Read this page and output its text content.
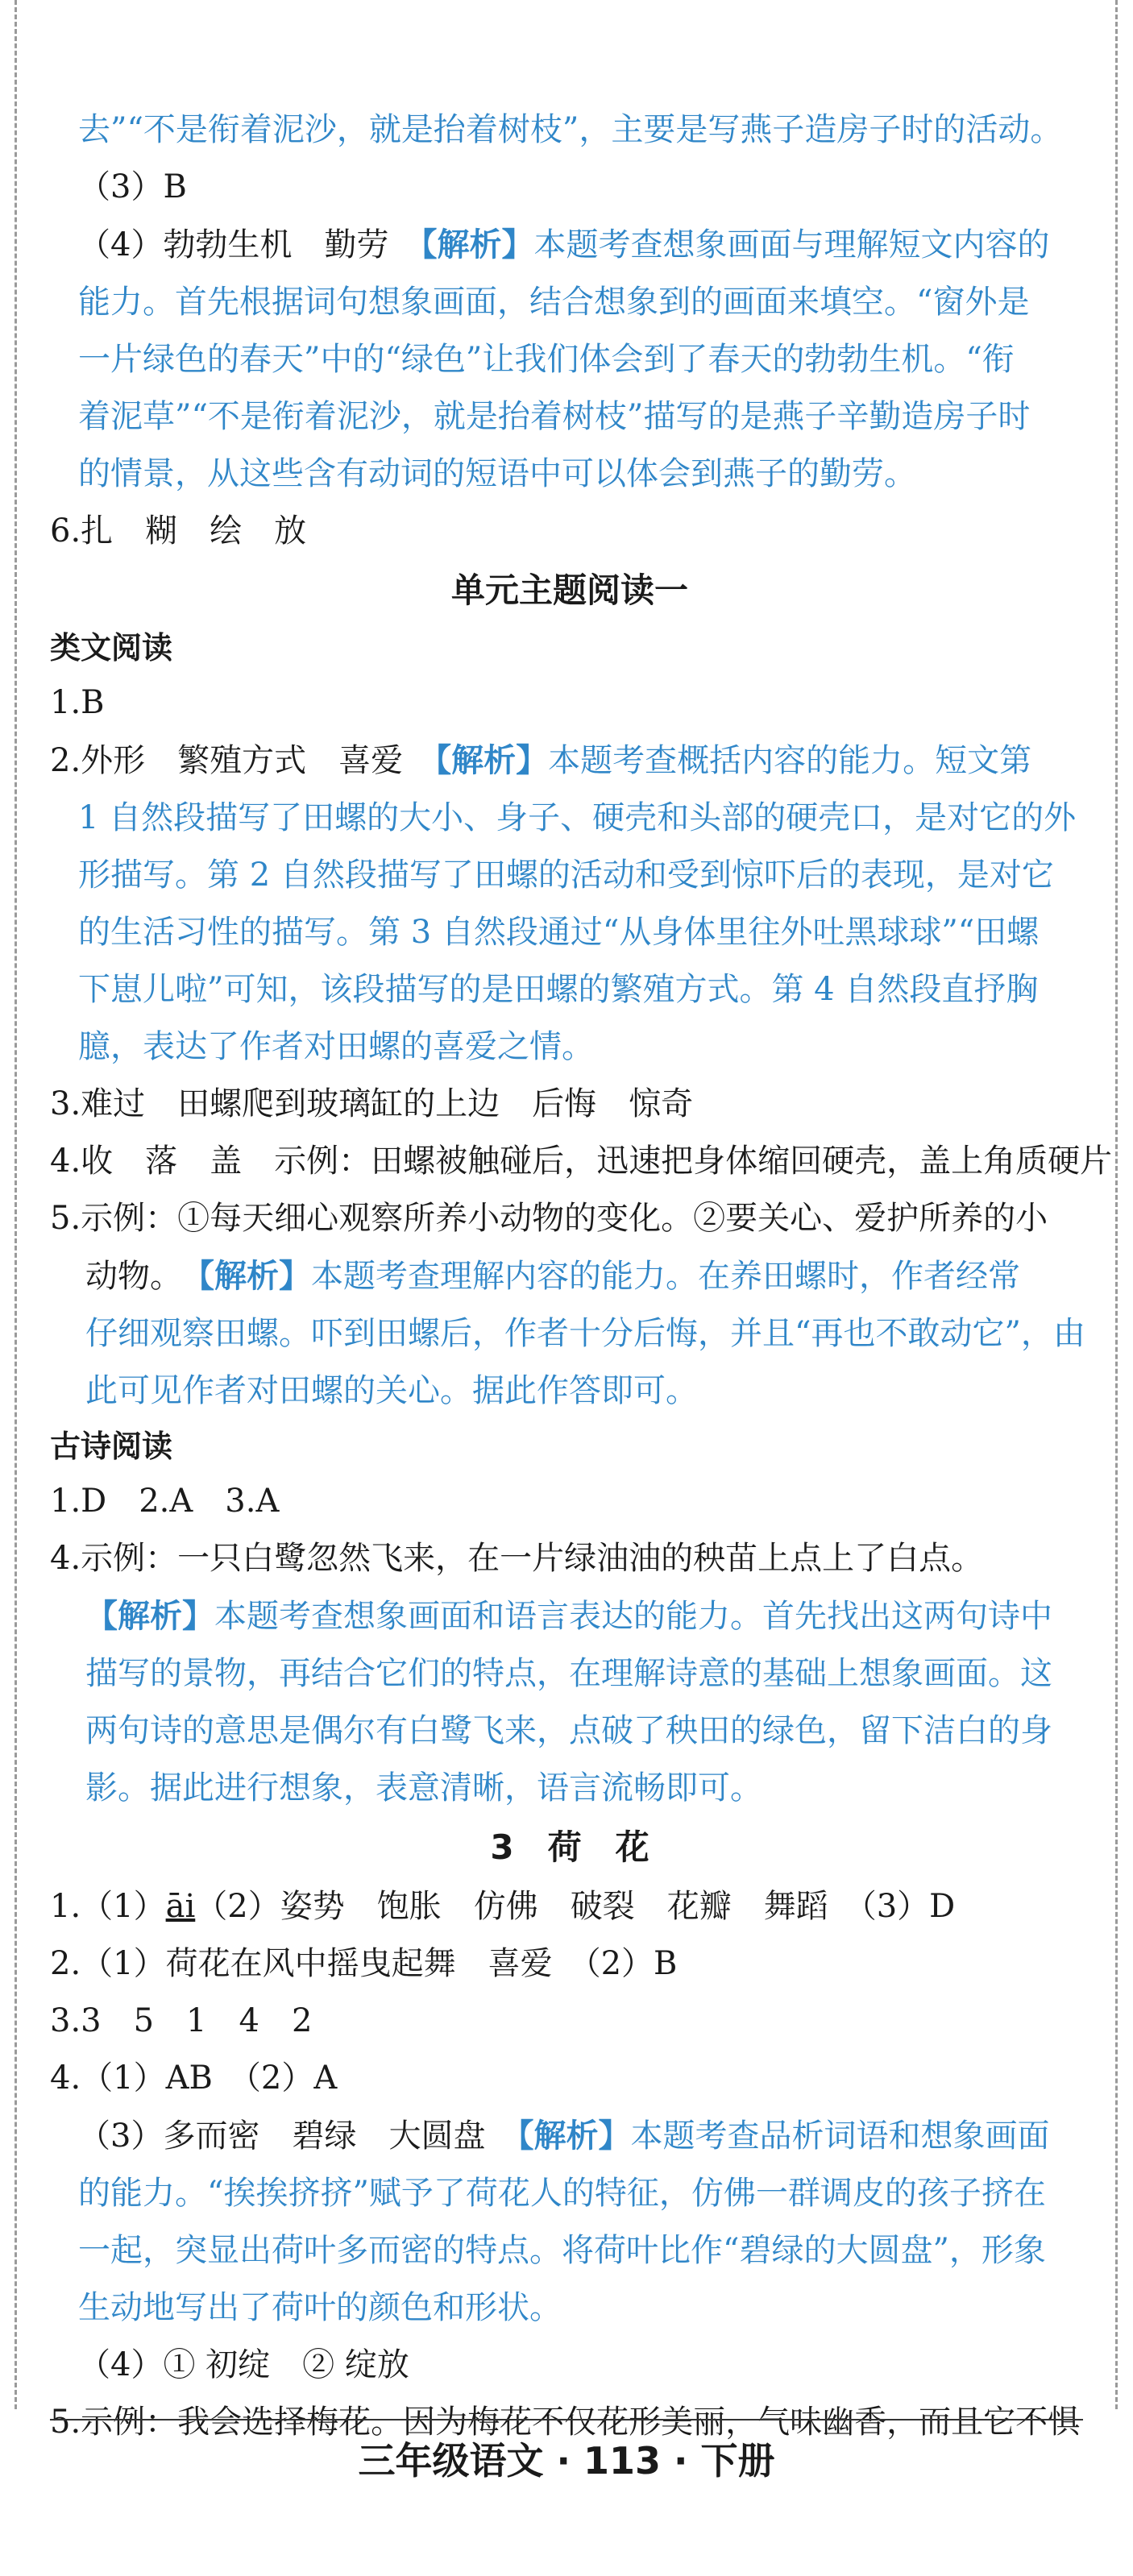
去”“不是衔着泥沙，就是抬着树枝”，主要是写燕子造房子时的活动。
（3）B
（4）勃勃生机　勤劳　【解析】本题考查想象画面与理解短文内容的
能力。首先根据词句想象画面，结合想象到的画面来填空。“窗外是
一片绿色的春天”中的“绿色”让我们体会到了春天的勃勃生机。“衔
着泥草”“不是衔着泥沙，就是抬着树枝”描写的是燕子辛勤造房子时
的情景，从这些含有动词的短语中可以体会到燕子的勤劳。
6.扎　糊　绘　放
单元主题阅读一
类文阅读
1.B
2.外形　繁殖方式　喜爱　【解析】本题考查概括内容的能力。短文第
1 自然段描写了田螺的大小、身子、硬壳和头部的硬壳口，是对它的外
形描写。第 2 自然段描写了田螺的活动和受到惊吓后的表现，是对它
的生活习性的描写。第 3 自然段通过“从身体里往外吐黑球球”“田螺
下崽儿啦”可知，该段描写的是田螺的繁殖方式。第 4 自然段直抒胸
臆，表达了作者对田螺的喜爱之情。
3.难过　田螺爬到玻璃缸的上边　后悔　惊奇
4.收　落　盖　示例：田螺被触碰后，迅速把身体缩回硬壳，盖上角质硬片
5.示例：①每天细心观察所养小动物的变化。②要关心、爱护所养的小
动物。　【解析】本题考查理解内容的能力。在养田螺时，作者经常
仔细观察田螺。吓到田螺后，作者十分后悔，并且“再也不敢动它”，由
此可见作者对田螺的关心。据此作答即可。
古诗阅读
1.D　2.A　3.A
4.示例：一只白鹭忽然飞来，在一片绿油油的秧苗上点上了白点。
【解析】本题考查想象画面和语言表达的能力。首先找出这两句诗中
描写的景物，再结合它们的特点，在理解诗意的基础上想象画面。这
两句诗的意思是偶尔有白鹭飞来，点破了秧田的绿色，留下洁白的身
影。据此进行想象，表意清晰，语言流畅即可。
3　荷　花
1.（1）āi（2）姿势　饱胀　仿佛　破裂　花瓣　舞蹈　（3）D
2.（1）荷花在风中摇曳起舞　喜爱　（2）B
3.3　5　1　4　2
4.（1）AB　（2）A
（3）多而密　碧绿　大圆盘　【解析】本题考查品析词语和想象画面
的能力。“挨挨挤挤”赋予了荷花人的特征，仿佛一群调皮的孩子挤在
一起，突显出荷叶多而密的特点。将荷叶比作“碧绿的大圆盘”，形象
生动地写出了荷叶的颜色和形状。
（4）① 初绽　② 绽放
5.示例：我会选择梅花。因为梅花不仅花形美丽，气味幽香，而且它不惧
三年级语文 · 113 · 下册
